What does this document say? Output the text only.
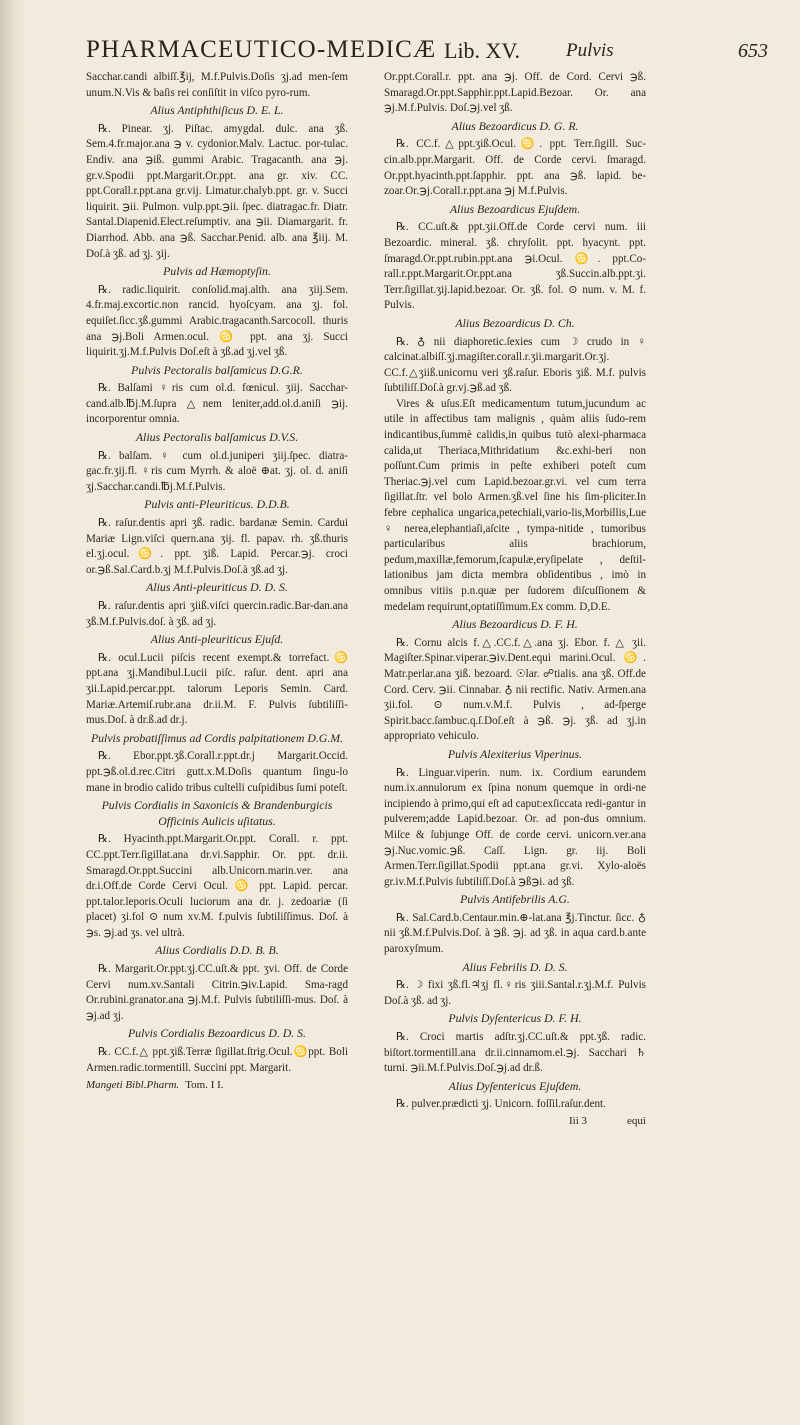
PHARMACEUTICO-MEDICÆ Lib. XV. Pulvis	653

Sacchar.candi albiſſ.℥ij, M.f.Pulvis.Doſis ʒj.ad men-ſem unum.N.Vis & baſis rei conſiſtit in viſco pyro-rum.

Alius Antiphthiſicus D. E. L.

℞. Pinear. ʒj. Piſtac. amygdal. dulc. ana ʒß. Sem.4.fr.major.ana ℈ v. cydonior.Malv. Lactuc. por-tulac. Endiv. ana ℈iß. gummi Arabic. Tragacanth. ana ℈j. gr.v.Spodii ppt.Margarit.Or.ppt. ana gr. xiv. CC. ppt.Corall.r.ppt.ana gr.vij. Limatur.chalyb.ppt. gr. v. Succi liquirit. ℈ii. Pulmon. vulp.ppt.℈ii. ſpec. diatragac.fr. Diatr. Santal.Diapenid.Elect.reſumptiv. ana ℈ii. Diamargarit. fr. Diarrhod. Abb. ana ℈ß. Sacchar.Penid. alb. ana ℥iij. M. Doſ.à ʒß. ad ʒj. ʒij.

Pulvis ad Hæmoptyſin.

℞. radic.liquirit. conſolid.maj.alth. ana ʒiij.Sem. 4.fr.maj.excortic.non rancid. hyoſcyam. ana ʒj. fol. equiſet.ſicc.ʒß.gummi Arabic.tragacanth.Sarcocoll. thuris ana ℈j.Boli Armen.ocul. ♋ ppt. ana ʒj. Succi liquirit.ʒj.M.f.Pulvis Doſ.eſt à ʒß.ad ʒj.vel ʒß.

Pulvis Pectoralis balſamicus D.G.R.

℞. Balſami ♀ris cum ol.d. fœnicul. ʒiij. Sacchar-cand.alb.℔j.M.ſupra △nem leniter,add.ol.d.aniſi ℈ij. incorporentur omnia.

Alius Pectoralis balſamicus D.V.S.

℞. balſam. ♀ cum ol.d.juniperi ʒiij.ſpec. diatra-gac.fr.ʒij.fl. ♀ris cum Myrrh. & aloë ⊕at. ʒj. ol. d. aniſi ʒj.Sacchar.candi.℔j.M.f.Pulvis.

Pulvis anti-Pleuriticus. D.D.B.

℞. raſur.dentis apri ʒß. radic. bardanæ Semin. Cardui Mariæ Lign.viſci quern.ana ʒij. fl. papav. rh. ʒß.thuris el.ʒj.ocul.♋. ppt. ʒiß. Lapid. Percar.℈j. croci or.℈ß.Sal.Card.b.ʒj M.f.Pulvis.Doſ.à ʒß.ad ʒj.

Alius Anti-pleuriticus D. D. S.

℞. raſur.dentis apri ʒiiß.viſci quercin.radic.Bar-dan.ana ʒß.M.f.Pulvis.doſ. à ʒß. ad ʒj.

Alius Anti-pleuriticus Ejuſd.

℞. ocul.Lucii piſcis recent exempt.& torrefact.♋ ppt.ana ʒj.Mandibul.Lucii piſc. raſur. dent. apri ana ʒii.Lapid.percar.ppt. talorum Leporis Semin. Card. Mariæ.Artemiſ.rubr.ana dr.ii.M. F. Pulvis ſubtiliſſi-mus.Doſ. à dr.ß.ad dr.j.

Pulvis probatiſſimus ad Cordis palpitationem D.G.M.

℞. Ebor.ppt.ʒß.Corall.r.ppt.dr.j Margarit.Occid. ppt.℈ß.ol.d.rec.Citri gutt.x.M.Doſis quantum ſingu-lo mane in brodio calido tribus cultelli cuſpidibus ſumi poteſt.

Pulvis Cordialis in Saxonicis & Brandenburgicis Officinis Aulicis uſitatus.

℞. Hyacinth.ppt.Margarit.Or.ppt. Corall. r. ppt. CC.ppt.Terr.ſigillat.ana dr.vi.Sapphir. Or. ppt. dr.ii. Smaragd.Or.ppt.Succini alb.Unicorn.marin.ver. ana dr.i.Off.de Corde Cervi Ocul. ♋ ppt. Lapid. percar. ppt.talor.leporis.Oculi luciorum ana dr. j. zedoariæ (ſi placet) ʒi.fol ⊙ num xv.M. f.pulvis ſubtiliſſimus. Doſ. à ℈s. ℈j.ad ʒs. vel ultrà.

Alius Cordialis D.D. B. B.

℞. Margarit.Or.ppt.ʒj.CC.uſt.& ppt. ʒvi. Off. de Corde Cervi num.xv.Santali Citrin.℈iv.Lapid. Sma-ragd Or.rubini.granator.ana ℈j.M.f. Pulvis ſubtiliſſi-mus. Doſ. à ℈j.ad ʒj.

Pulvis Cordialis Bezoardicus D. D. S.

℞. CC.f.△ ppt.ʒiß.Terræ ſigillat.ſtrig.Ocul.♋ppt. Boli Armen.radic.tormentill. Succini ppt. Margarit.

Mangeti Bibl.Pharm. Tom. I I.

Or.ppt.Corall.r. ppt. ana ℈j. Off. de Cord. Cervi ℈ß. Smaragd.Or.ppt.Sapphir.ppt.Lapid.Bezoar. Or. ana ℈j.M.f.Pulvis. Doſ.℈j.vel ʒß.

Alius Bezoardicus D. G. R.

℞. CC.f.△ppt.ʒiß.Ocul.♋. ppt. Terr.ſigill. Suc-cin.alb.ppr.Margarit. Off. de Corde cervi. ſmaragd. Or.ppt.hyacinth.ppt.ſapphir. ppt. ana ℈ß. lapid. be-zoar.Or.℈j.Corall.r.ppt.ana ℈j M.f.Pulvis.

Alius Bezoardicus Ejuſdem.

℞. CC.uſt.& ppt.ʒii.Off.de Corde cervi num. iii Bezoardic. mineral. ʒß. chryſolit. ppt. hyacynt. ppt. ſmaragd.Or.ppt.rubin.ppt.ana ℈i.Ocul. ♋. ppt.Co-rall.r.ppt.Margarit.Or.ppt.ana ʒß.Succin.alb.ppt.ʒi. Terr.ſigillat.ʒij.lapid.bezoar. Or. ʒß. fol. ⊙ num. v. M. f. Pulvis.

Alius Bezoardicus D. Ch.

℞. ♁ nii diaphoretic.ſexies cum ☽ crudo in ♀ calcinat.albiſſ.ʒj.magiſter.corall.r.ʒii.margarit.Or.ʒj. CC.f.△ʒiiß.unicornu veri ʒß.raſur. Eboris ʒiß. M.f. pulvis ſubtiliſſ.Doſ.à gr.vj.℈ß.ad ʒß.

Vires & uſus.Eſt medicamentum tutum,jucundum ac utile in affectibus tam malignis , quàm aliis ſudo-rem indicantibus,ſummè calidis,in quibus tutò alexi-pharmaca calida,ut Theriaca,Mithridatium &c.exhi-beri non poſſunt.Cum primis in peſte exhiberi poteſt cum Theriac.℈j.vel cum Lapid.bezoar.gr.vi. vel cum terra ſigillat.ſtr. vel bolo Armen.ʒß.vel ſine his ſim-pliciter.In febre cephalica ungarica,petechiali,vario-lis,Morbillis,Lue ♀ nerea,elephantiaſi,aſcite , tympa-nitide , tumoribus particularibus aliis brachiorum, pedum,maxillæ,femorum,ſcapulæ,eryſipelate , deſtil-lationibus jam dicta membra obſidentibus , imò in omnibus vitiis p.n.quæ per ſudorem diſcuſſionem & medelam requirunt,optatiſſimum.Ex comm. D,D.E.

Alius Bezoardicus D. F. H.

℞. Cornu alcis f.△.CC.f.△.ana ʒj. Ebor. f. △ ʒii. Magiſter.Spinar.viperar.℈iv.Dent.equi marini.Ocul. ♋. Matr.perlar.ana ʒiß. bezoard. ☉lar. ☍tialis. ana ʒß. Off.de Cord. Cerv. ℈ii. Cinnabar. ♁ nii rectific. Nativ. Armen.ana ʒii.fol. ⊙ num.v.M.f. Pulvis , ad-ſperge Spirit.bacc.ſambuc.q.ſ.Doſ.eſt à ℈ß. ℈j. ʒß. ad ʒj.in appropriato vehiculo.

Pulvis Alexiterius Viperinus.

℞. Linguar.viperin. num. ix. Cordium earundem num.ix.annulorum ex ſpina nonum quemque in ordi-ne incipiendo à primo,qui eſt ad caput:exſiccata redi-gantur in pulverem;adde Lapid.bezoar. Or. ad pon-dus omnium. Miſce & ſubjunge Off. de corde cervi. unicorn.ver.ana ℈j.Nuc.vomic.℈ß. Caſſ. Lign. gr. iij. Boli Armen.Terr.ſigillat.Spodii ppt.ana gr.vi. Xylo-aloës gr.iv.M.f.Pulvis ſubtiliſſ.Doſ.à ℈ß℈i. ad ʒß.

Pulvis Antifebrilis A.G.

℞. Sal.Card.b.Centaur.min.⊕-lat.ana ℥j.Tinctur. ſicc. ♁ nii ʒß.M.f.Pulvis.Doſ. à ℈ß. ℈j. ad ʒß. in aqua card.b.ante paroxyſmum.

Alius Febrilis D. D. S.

℞. ☽ fixi ʒß.fl.♃ʒj fl.♀ris ʒiii.Santal.r.ʒj.M.f. Pulvis Doſ.à ʒß. ad ʒj.

Pulvis Dyſentericus D. F. H.

℞. Croci martis adſtr.ʒj.CC.uſt.& ppt.ʒß. radic. biſtort.tormentill.ana dr.ii.cinnamom.el.℈j. Sacchari ♄ turni. ℈ii.M.f.Pulvis.Doſ.℈j.ad dr.ß.

Alius Dyſentericus Ejuſdem.

℞. pulver.prædicti ʒj. Unicorn. foſſil.raſur.dent.

Iii 3	equi
